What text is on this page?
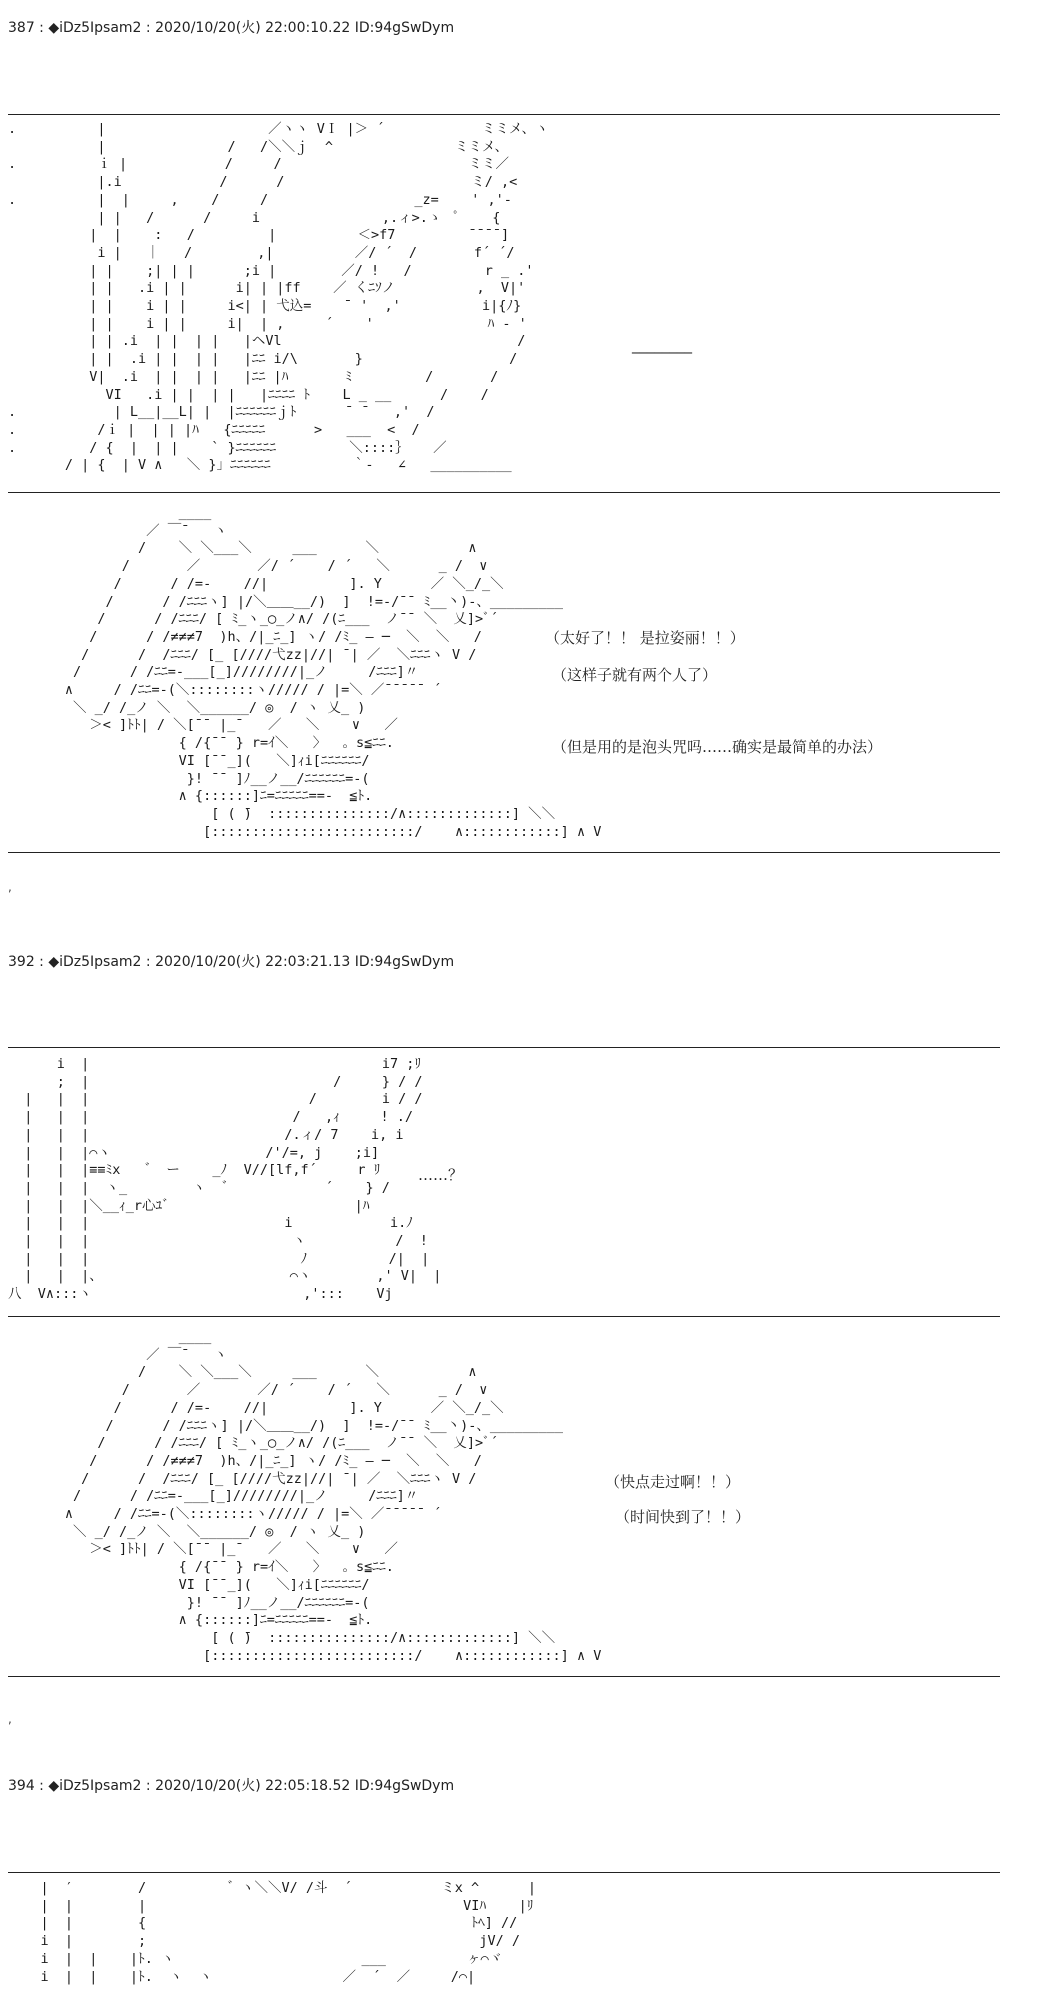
387 : ◆iDz5Ipsam2 : 2020/10/20(火) 22:00:10.22 ID:94gSwDym
.          |                    ／ヽヽ VＩ |＞ ´            ミミメ、ヽ
|               /   /＼＼ｊ  ^               ミミメ、
.          ｉ |            /     /                       ミミ／
|.i            /      /                       ミ/ ,<
.          |  |     ,    /     /                  _z=    ' ,'‐
| |   /      /     i               ,.ィ>.ゝ  ﾟ    {
|  |    :   /         |          ＜>f7         ¯¯¯¯]
i |   ｜   /        ,|          ／/ ´  /       f´ ´/
| |    ;| | |      ;i |        ／/ !   /         r _ .'
| |   .i | |      i| | |ff    ／ くﾆｿノ          ,  V|'
| |    i | |     i<| | 弋込=    ¯ '  ,'          i|{ﾉ}
| |    i | |     i|  | ,     ´    '              ﾊ ‐ '
| | .i  | |  | |   |ヘVl                             /
| |  .i | |  | |   |ﾆﾆ i/\       }                  /
V|  .i  | |  | |   |ﾆﾆ |ﾊ       ﾐ         /       /
VI   .i | |  | |   |ﾆﾆﾆﾆ ﾄ    L _ __      /    /
.            | L__|__L| |  |ﾆﾆﾆﾆﾆﾆｊﾄ      ¯ ¯   ,'  /
.          /ｉ |  | | |ﾊ   {ﾆﾆﾆﾆﾆ      >   ___  <  /
.         / {  |  | |    ` }ﾆﾆﾆﾆﾆﾆ         ＼::::｝   ／
/ | {  | V ∧   ＼ }」ﾆﾆﾆﾆﾆﾆ          ｀‐   ∠   __________
________
____
／ ￣¯   ヽ
/    ＼ ＼___＼     ___      ＼           ∧
/       ／       ／/ ´    / ´   ＼      _ /  ∨
/      / /=-    //|          ]. Y      ／ ＼_/_＼
/      / /ﾆﾆﾆヽ] |/＼＿＿__/)  ]  !=-/¯¯ ﾐ__丶)-、_________
/      / /ﾆﾆﾆ/ [ ﾐ_ヽ_◯_ノ∧/ /(ﾆ___  ノ¯¯ ＼  乂]>ﾞ´
/      / /≠≠≠7  )h、/|_ﾆ_] ヽ/ /ﾐ_ ― ─  ＼  ＼   /
/      /  /ﾆﾆﾆ/ [_ [////弋zz|//| ¯| ／  ＼ﾆﾆﾆヽ V /
/      / /ﾆﾆ=-___[_]////////|_ノ     /ﾆﾆﾆ]〃
∧     / /ﾆﾆ=-(＼::::::::ヽ///// / |=＼ ／¯¯¯¯¯ ´
＼ _/ /_ノ ＼  ＼______/ ◎  / ヽ 乂_ )
＞< ]ﾄﾄ| / ＼[¯¯ |_¯   ／   ＼    ∨   ／
{ /{¯¯ } r=ｲ＼   〉  。s≦ﾆﾆ.
VI [¯¯_](   ＼]ｨi[ﾆﾆﾆﾆﾆﾆ/
}! ¯¯ ]ﾉ__ノ__/ﾆﾆﾆﾆﾆﾆ=-(
∧ {::::::]ﾆ=ﾆﾆﾆﾆﾆ==-  ≦ﾄ.
[ ( ̄)  :::::::::::::::/∧:::::::::::::] ＼＼
[:::::::::::::::::::::::::/    ∧::::::::::::] ∧ V
（太好了！！ 是拉姿丽！！）
（这样子就有两个人了）
（但是用的是泡头咒吗……确实是最简单的办法）
,
392 : ◆iDz5Ipsam2 : 2020/10/20(火) 22:03:21.13 ID:94gSwDym
i  |                                    i7 ;ﾘ
;  |                              /     } / /
|   |  |                           /        i / /
|   |  |                         /   ,ｨ     ! ./
|   |  |                        /.ィ/ 7    i, i
|   |  |⌒ヽ                   /'/=, j    ;i]
|   |  |≡≡ﾐx   ゛ ー    _ﾉ  V//[lf,f´     r ﾘ
|   |  |  ヽ_        ヽ  ゛           ´    } /
|   |  |＼__ｨ_r心ﾕ゛                      |ﾊ
|   |  |                        i            i.ﾉ
|   |  |                         ヽ           /  !
|   |  |                          ﾉ          /|  |
|   |  |、                       ⌒ヽ        ,' V|  |
八  V∧:::ヽ                          ,':::    Vj
……？
____
／ ￣¯   ヽ
/    ＼ ＼___＼     ___      ＼           ∧
/       ／       ／/ ´    / ´   ＼      _ /  ∨
/      / /=-    //|          ]. Y      ／ ＼_/_＼
/      / /ﾆﾆﾆヽ] |/＼＿＿__/)  ]  !=-/¯¯ ﾐ__丶)-、_________
/      / /ﾆﾆﾆ/ [ ﾐ_ヽ_◯_ノ∧/ /(ﾆ___  ノ¯¯ ＼  乂]>ﾞ´
/      / /≠≠≠7  )h、/|_ﾆ_] ヽ/ /ﾐ_ ― ─  ＼  ＼   /
/      /  /ﾆﾆﾆ/ [_ [////弋zz|//| ¯| ／  ＼ﾆﾆﾆヽ V /
/      / /ﾆﾆ=-___[_]////////|_ノ     /ﾆﾆﾆ]〃
∧     / /ﾆﾆ=-(＼::::::::ヽ///// / |=＼ ／¯¯¯¯¯ ´
＼ _/ /_ノ ＼  ＼______/ ◎  / ヽ 乂_ )
＞< ]ﾄﾄ| / ＼[¯¯ |_¯   ／   ＼    ∨   ／
{ /{¯¯ } r=ｲ＼   〉  。s≦ﾆﾆ.
VI [¯¯_](   ＼]ｨi[ﾆﾆﾆﾆﾆﾆ/
}! ¯¯ ]ﾉ__ノ__/ﾆﾆﾆﾆﾆﾆ=-(
∧ {::::::]ﾆ=ﾆﾆﾆﾆﾆ==-  ≦ﾄ.
[ ( ̄)  :::::::::::::::/∧:::::::::::::] ＼＼
[:::::::::::::::::::::::::/    ∧::::::::::::] ∧ V
（快点走过啊！！）
（时间快到了！！）
,
394 : ◆iDz5Ipsam2 : 2020/10/20(火) 22:05:18.52 ID:94gSwDym
|  ′        /          ゛ヽ＼＼V/ /斗  ´           ミx ^      |
|  |        |                                       VIﾊ    |ﾘ
|  |        {                                        ﾄﾍ] //
i  |        ;                                         jV/ /
i  |  |    |ﾄ. ヽ                       ___          ヶ⌒ヾ
i  |  |    |ﾄ.  ヽ  ヽ                ／  ´  ／     /⌒|
